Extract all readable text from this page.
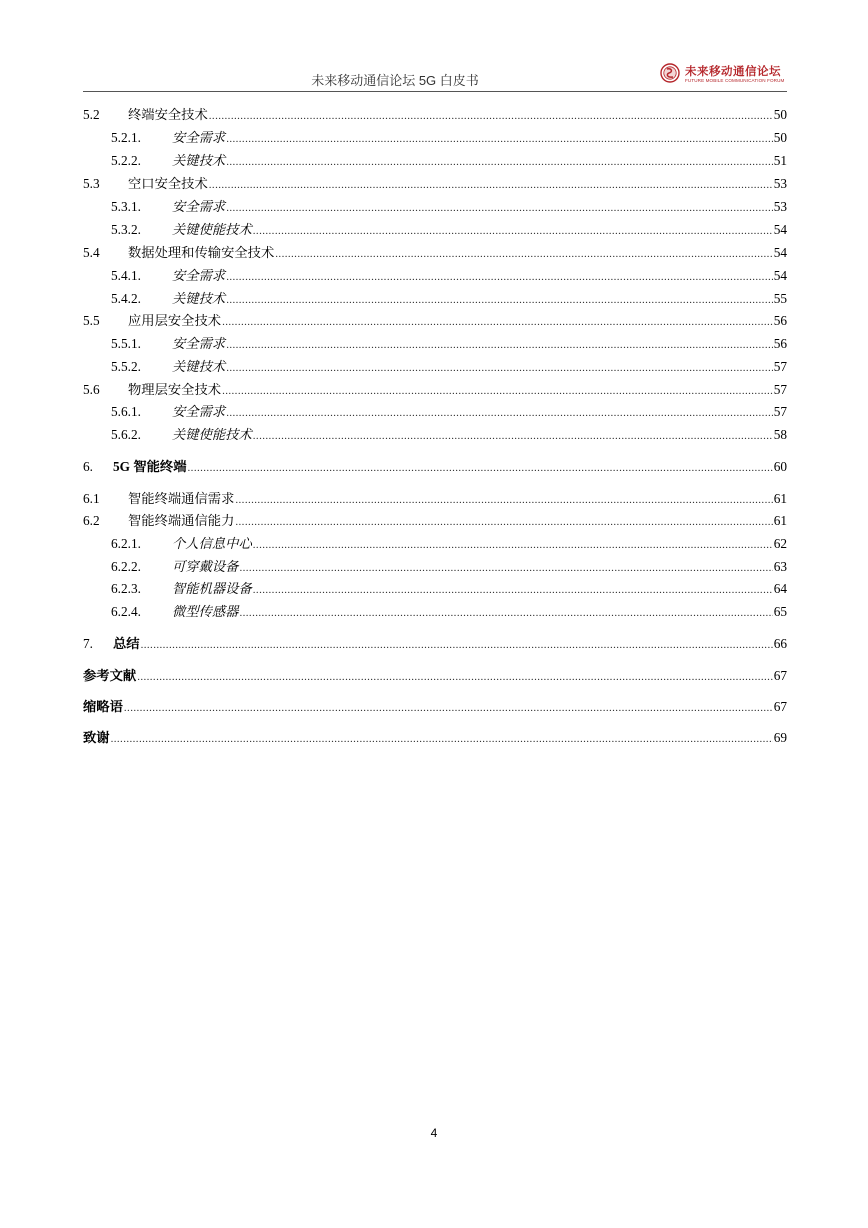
未来移动通信论坛 5G 白皮书
未来移动通信论坛
FUTURE MOBILE COMMUNICATION FORUM
5.2	终端安全技术 .....	50
5.2.1.	安全需求 .....	50
5.2.2.	关键技术 .....	51
5.3	空口安全技术 .....	53
5.3.1.	安全需求 .....	53
5.3.2.	关键使能技术 .....	54
5.4	数据处理和传输安全技术 .....	54
5.4.1.	安全需求 .....	54
5.4.2.	关键技术 .....	55
5.5	应用层安全技术 .....	56
5.5.1.	安全需求 .....	56
5.5.2.	关键技术 .....	57
5.6	物理层安全技术 .....	57
5.6.1.	安全需求 .....	57
5.6.2.	关键使能技术 .....	58
6.	5G 智能终端 .....	60
6.1	智能终端通信需求 .....	61
6.2	智能终端通信能力 .....	61
6.2.1.	个人信息中心 .....	62
6.2.2.	可穿戴设备 .....	63
6.2.3.	智能机器设备 .....	64
6.2.4.	微型传感器 .....	65
7.	总结 .....	66
参考文献 .....	67
缩略语 .....	67
致谢 .....	69
4
